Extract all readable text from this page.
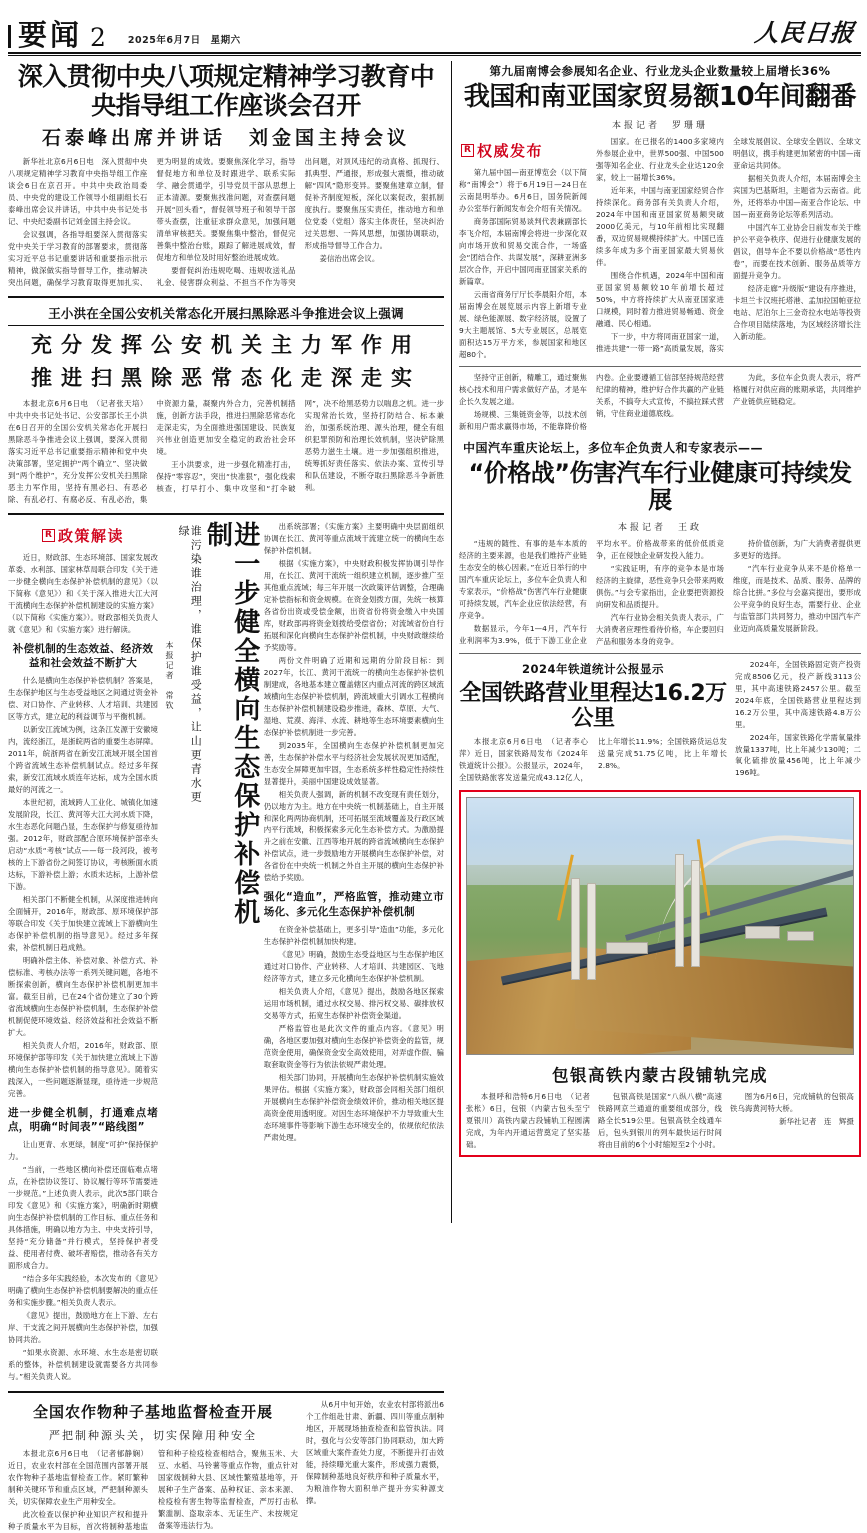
要闻 2 2025年6月7日　星期六	人民日报
深入贯彻中央八项规定精神学习教育中央指导组工作座谈会召开
石泰峰出席并讲话　刘金国主持会议

新华社北京6月6日电　深入贯彻中央八项规定精神学习教育中央指导组工作座谈会6日在京召开。中共中央政治局委员、中央党的建设工作领导小组副组长石泰峰出席会议并讲话，中共中央书记处书记、中央纪委副书记刘金国主持会议。

会议强调，各指导组要深入贯彻落实党中央关于学习教育的部署要求，贯彻落实习近平总书记重要讲话和重要指示批示精神，做深做实指导督导工作，推动解决突出问题，确保学习教育取得更加扎实、更为明显的成效。要聚焦深化学习，指导督促地方和单位及时跟进学、联系实际学、融会贯通学，引导党员干部从思想上正本清源。要聚焦找准问题，对查摆问题开展“回头看”，督促领导班子和领导干部带头查摆，注重征求群众意见，加强问题清单审核把关。要聚焦集中整治，督促完善集中整治台账，跟踪了解进展成效，督促地方和单位及时用好整治进展成效。

要督促纠治违规吃喝、违规收送礼品礼金、侵害群众利益、不担当不作为等突出问题，对顶风违纪的动真格、抓现行、抓典型、严通报，形成强大震慑，推动破解“四风”隐形变异。要聚焦建章立制，督促补齐制度短板，深化以案促改，狠抓制度执行。要聚焦压实责任，推动地方和单位党委（党组）落实主体责任，坚决纠治过关思想、一阵风思想，加强协调联动，形成指导督导工作合力。

姜信治出席会议。

王小洪在全国公安机关常态化开展扫黑除恶斗争推进会议上强调
充分发挥公安机关主力军作用
推进扫黑除恶常态化走深走实

本报北京6月6日电　（记者张天培）中共中央书记处书记、公安部部长王小洪在6日召开的全国公安机关常态化开展扫黑除恶斗争推进会议上强调，要深入贯彻落实习近平总书记重要指示精神和党中央决策部署，坚定拥护“两个确立”、坚决做到“两个维护”，充分发挥公安机关扫黑除恶主力军作用，坚持有黑必扫、有恶必除、有乱必打、有腐必反、有乱必治，集中资源力量，凝聚内外合力，完善机制措施，创新方法手段，推进扫黑除恶常态化走深走实，为全面推进强国建设、民族复兴伟业创造更加安全稳定的政治社会环境。

王小洪要求，进一步强化精准打击，保持“零容忍”，突出“快准狠”，强化线索核查，打早打小、集中攻坚和“打伞破网”，决不给黑恶势力以喘息之机。进一步实现常治长效，坚持打防结合、标本兼治，加强系统治理、源头治理，健全有组织犯罪预防和治理长效机制，坚决铲除黑恶势力滋生土壤。进一步加强组织推进，统筹抓好责任落实、依法办案、宣传引导和队伍建设，不断夺取扫黑除恶斗争新胜利。

R 政策解读

近日，财政部、生态环境部、国家发展改革委、水利部、国家林草局联合印发《关于进一步健全横向生态保护补偿机制的意见》（以下简称《意见》）和《关于深入推进大江大河干流横向生态保护补偿机制建设的实施方案》（以下简称《实施方案》）。财政部相关负责人就《意见》和《实施方案》进行解读。

补偿机制的生态效益、经济效益和社会效益不断扩大

什么是横向生态保护补偿机制？答案是，生态保护地区与生态受益地区之间通过资金补偿、对口协作、产业转移、人才培训、共建园区等方式，建立起的利益调节与平衡机制。

以新安江流域为例，这条江发源于安徽境内，流经浙江，是浙皖两省的重要生态屏障。2011年，皖浙两省在新安江流域开展全国首个跨省流域生态补偿机制试点。经过多年探索，新安江流域水质连年达标，成为全国水质最好的河流之一。

本世纪初，流域跨人工业化、城镇化加速发展阶段，长江、黄河等大江大河水质下降，水生态恶化问题凸显，生态保护与修复亟待加强。2012年，财政部配合原环境保护部牵头启动“水质“考核”试点——每一段河段，被考核的上下游省份之间签订协议，考核断面水质达标，下游补偿上游；水质未达标，上游补偿下游。

相关部门不断健全机制，从深度推进转向全面铺开，2016年，财政部、原环境保护部等联合印发《关于加快建立流域上下游横向生态保护补偿机制的指导意见》。经过多年探索，补偿机制日趋成熟。

明确补偿主体、补偿对象、补偿方式、补偿标准、考核办法等一系列关键问题，各地不断探索创新，横向生态保护补偿机制更加丰富。截至目前，已在24个省份建立了30个跨省流域横向生态保护补偿机制，生态保护补偿机制促使环境效益、经济效益和社会效益不断扩大。

相关负责人介绍，2016年，财政部、原环境保护部等印发《关于加快建立流域上下游横向生态保护补偿机制的指导意见》。随着实践深入，一些问题逐渐显现，亟待进一步规范完善。

进一步健全机制，打通难点堵点，明确“时间表”“路线图”

让山更青、水更绿，制度“可护”保持保护力。

“当前，一些地区横向补偿还面临难点堵点，在补偿协议签订、协议履行等环节需要进一步规范。”上述负责人表示，此次5部门联合印发《意见》和《实施方案》，明确新时期横向生态保护补偿机制的工作目标、重点任务和具体措施，明确以地方为主、中央支持引导，坚持“充分储备”并行模式，坚持保护者受益、使用者付费、破坏者赔偿，推动各有关方面形成合力。

“结合多年实践经验，本次发布的《意见》明确了横向生态保护补偿机制要解决的重点任务和实施步骤。”相关负责人表示。

《意见》提出，鼓励地方在上下游、左右岸、干支流之间开展横向生态保护补偿，加强协同共治。

“如果水资源、水环境、水生态是密切联系的整体，补偿机制建设就需要各方共同参与。”相关负责人说。

进一步健全横向生态保护补偿机制
谁污染谁治理，谁保护谁受益，让山更青水更绿
本报记者　常钦

出系统部署；《实施方案》主要明确中央层面组织协调在长江、黄河等重点流域干流建立统一的横向生态保护补偿机制。

根据《实施方案》，中央财政积极发挥协调引导作用，在长江、黄河干流统一组织建立机制，逐步推广至其他重点流域；每三年开展一次政策评估调整，合理确定补偿指标和资金规模。在资金划拨方面，先统一核算各省份出资或受偿金额，出资省份将资金缴入中央国库，财政部再将资金划拨给受偿省份；对流域省份自行拓展和深化向横向生态保护补偿机制，中央财政继续给予奖励等。

两份文件明确了近期和远期的分阶段目标：到2027年，长江、黄河干流统一的横向生态保护补偿机制建成，各地基本建立覆盖辖区内重点河流的跨区域流域横向生态保护补偿机制，跨流域重大引调水工程横向生态保护补偿机制建设稳步推进，森林、草原、大气、湿地、荒漠、海洋、水流、耕地等生态环境要素横向生态保护补偿机制进一步完善。

到2035年，全国横向生态保护补偿机制更加完善，生态保护补偿水平与经济社会发展状况更加适配，生态安全屏障更加牢固，生态系统多样性稳定性持续性显著提升，美丽中国建设成效显著。

相关负责人强调，新的机制不改变现有责任划分，仍以地方为主。地方在中央统一机制基础上，自主开展和深化两两协商机制，还可拓展至流域覆盖及行政区域内平行流域，积极探索多元化生态补偿方式。为激励提升之前在安徽、江西等地开展的跨省流域横向生态保护补偿试点，进一步鼓励地方开展横向生态保护补偿，对各省份在中央统一机制之外自主开展的横向生态保护补偿给予奖励。

强化“造血”，严格监管，推动建立市场化、多元化生态保护补偿机制

在资金补偿基础上，更多引导“造血”功能，多元化生态保护补偿机制加快构建。

《意见》明确，鼓励生态受益地区与生态保护地区通过对口协作、产业转移、人才培训、共建园区、飞地经济等方式，建立多元化横向生态保护补偿机制。

相关负责人介绍，《意见》提出，鼓励各地区探索运用市场机制，通过水权交易、排污权交易、碳排放权交易等方式，拓宽生态保护补偿资金渠道。

严格监管也是此次文件的重点内容。《意见》明确，各地区要加强对横向生态保护补偿资金的监管，规范资金使用，确保资金安全高效使用，对弄虚作假、骗取套取资金等行为依法依规严肃处理。

相关部门协同，开展横向生态保护补偿机制实施效果评估。根据《实施方案》，财政部会同相关部门组织开展横向生态保护补偿资金绩效评价，推动相关地区提高资金使用透明度。对因生态环境保护不力导致重大生态环境事件等影响下游生态环境安全的，依规依纪依法严肃处理。

全国农作物种子基地监督检查开展
严把制种源头关，切实保障用种安全

本报北京6月6日电　（记者郁静娴）近日，农业农村部在全国范围内部署开展农作物种子基地监督检查工作。紧盯繁种制种关键环节和重点区域，严把制种源头关，切实保障农业生产用种安全。

此次检查以保护种业知识产权和提升种子质量水平为目标，首次将制种基地监管和种子检疫检查相结合，聚焦玉米、大豆、水稻、马铃薯等重点作物，重点针对国家级制种大县、区域性繁殖基地等，开展种子生产备案、品种权证、亲本来源、检疫检有害生物等监督检查，严厉打击私繁滥制、盗取亲本、无证生产、未按规定备案等违法行为。

从6月中旬开始，农业农村部将派出6个工作组赴甘肃、新疆、四川等重点制种地区，开展现场抽查检查和监管执法。同时，强化与公安等部门协同联动，加大跨区域重大案件查处力度，不断提升打击效能，持续曝光重大案件，形成强力震慑，保障制种基地良好秩序和种子质量水平，为粮油作物大面积单产提升夯实种源支撑。

第九届南博会参展知名企业、行业龙头企业数量较上届增长36%
我国和南亚国家贸易额10年间翻番
本报记者　罗珊珊
R 权威发布

第九届中国—南亚博览会（以下简称“南博会”）将于6月19日—24日在云南昆明举办。6月6日，国务院新闻办公室举行新闻发布会介绍有关情况。

商务部国际贸易谈判代表兼副部长李飞介绍，本届南博会将进一步深化双向市场开放和贸易交流合作，一场盛会“团结合作、共谋发展”，深耕亚洲多层次合作，开启中国同南亚国家关系的新篇章。

云南省商务厅厅长李晨阳介绍，本届南博会在展览展示内容上新增专业展、绿色能源展、数字经济展，设置了9大主题展馆、5大专业展区，总展览面积达15万平方米，参展国家和地区超80个。

国家。在已报名的1400多家境内外参展企业中，世界500强、中国500强等知名企业、行业龙头企业达120余家，较上一届增长36%。

近年来，中国与南亚国家经贸合作持续深化。商务部有关负责人介绍，2024年中国和南亚国家贸易额突破2000亿美元，与10年前相比实现翻番，双边贸易规模持续扩大。中国已连续多年成为多个南亚国家最大贸易伙伴。

围绕合作机遇，2024年中国和南亚国家贸易额较10年前增长超过50%，中方将持续扩大从南亚国家进口规模，同时着力推进贸易畅通、资金融通、民心相通。

下一步，中方将同南亚国家一道，推进共建“一带一路”高质量发展，落实全球发展倡议、全球安全倡议、全球文明倡议，携手构建更加紧密的中国—南亚命运共同体。

据相关负责人介绍，本届南博会主宾国为巴基斯坦，主题省为云南省。此外，还将举办中国—南亚合作论坛、中国—南亚商务论坛等系列活动。

中国汽车工业协会日前发布关于维护公平竞争秩序、促进行业健康发展的倡议，倡导车企不要以价格战“恶性内卷”，而要在技术创新、服务品质等方面提升竞争力。

经济走廊”升级版“建设有序推进，卡坦兰卡汉班托塔港、孟加拉国帕亚拉电站、尼泊尔上三金奇拉水电站等投资合作项目陆续落地，为区域经济增长注入新动能。

坚持守正创新，精雕工，通过聚焦核心技术和用户需求做好产品，才是车企长久发展之道。

场规模、三集链资金等，以技术创新和用户需求赢得市场，不能靠降价格内卷。企业要遵循工信部坚持规范经营纪律的精神，维护好合作共赢的产业链关系，不搞夸大式宣传，不搞拉踩式营销，守住商业道德底线。

为此，多位车企负责人表示，将严格履行对供应商的账期承诺，共同维护产业链供应链稳定。

中国汽车重庆论坛上，多位车企负责人和专家表示——
“价格战”伤害汽车行业健康可持续发展
本报记者　王政

“违规的随性、有事的是车本质的经济的主要来源，也是我们维持产业链生态安全的核心因素。”在近日举行的中国汽车重庆论坛上，多位车企负责人和专家表示，“价格战”伤害汽车行业健康可持续发展，汽车企业应依法经营，有序竞争。

数据显示，今年1—4月，汽车行业利润率为3.9%，低于下游工业企业平均水平。价格战带来的低价低质竞争，正在侵蚀企业研发投入能力。

“实践证明，有序的竞争本是市场经济的主旋律，恶性竞争只会带来两败俱伤。”与会专家指出，企业要把资源投向研发和品质提升。

汽车行业协会相关负责人表示，广大消费者应理性看待价格，车企要回归产品和服务本身的竞争。

持价值创新，为广大消费者提供更多更好的选择。

“汽车行业竞争从来不是价格单一维度，而是技术、品质、服务、品牌的综合比拼。”多位与会嘉宾提出，要形成公平竞争的良好生态，需要行业、企业与监管部门共同努力，推动中国汽车产业迈向高质量发展新阶段。

2024年铁道统计公报显示
全国铁路营业里程达16.2万公里

本报北京6月6日电　（记者李心萍）近日，国家铁路局发布《2024年铁道统计公报》。公报显示，2024年，全国铁路旅客发送量完成43.12亿人，比上年增长11.9%；全国铁路货运总发送量完成51.75亿吨，比上年增长2.8%。

2024年，全国铁路固定资产投资完成8506亿元，投产新线3113公里，其中高速铁路2457公里。截至2024年底，全国铁路营业里程达到16.2万公里，其中高速铁路4.8万公里。

2024年，国家铁路化学需氧量排放量1337吨，比上年减少130吨；二氧化硫排放量456吨，比上年减少196吨。

包银高铁内蒙古段铺轨完成

本报呼和浩特6月6日电　（记者张枨）6日，包银（内蒙古包头至宁夏银川）高铁内蒙古段铺轨工程圆满完成，为年内开通运营奠定了坚实基础。

包银高铁是国家“八纵八横”高速铁路网京兰通道的重要组成部分，线路全长519公里。包银高铁全线通车后，包头到银川的列车最快运行时间将由目前的6个小时缩短至2个小时。

图为6月6日，完成铺轨的包银高铁乌海黄河特大桥。

新华社记者　连　辉摄
